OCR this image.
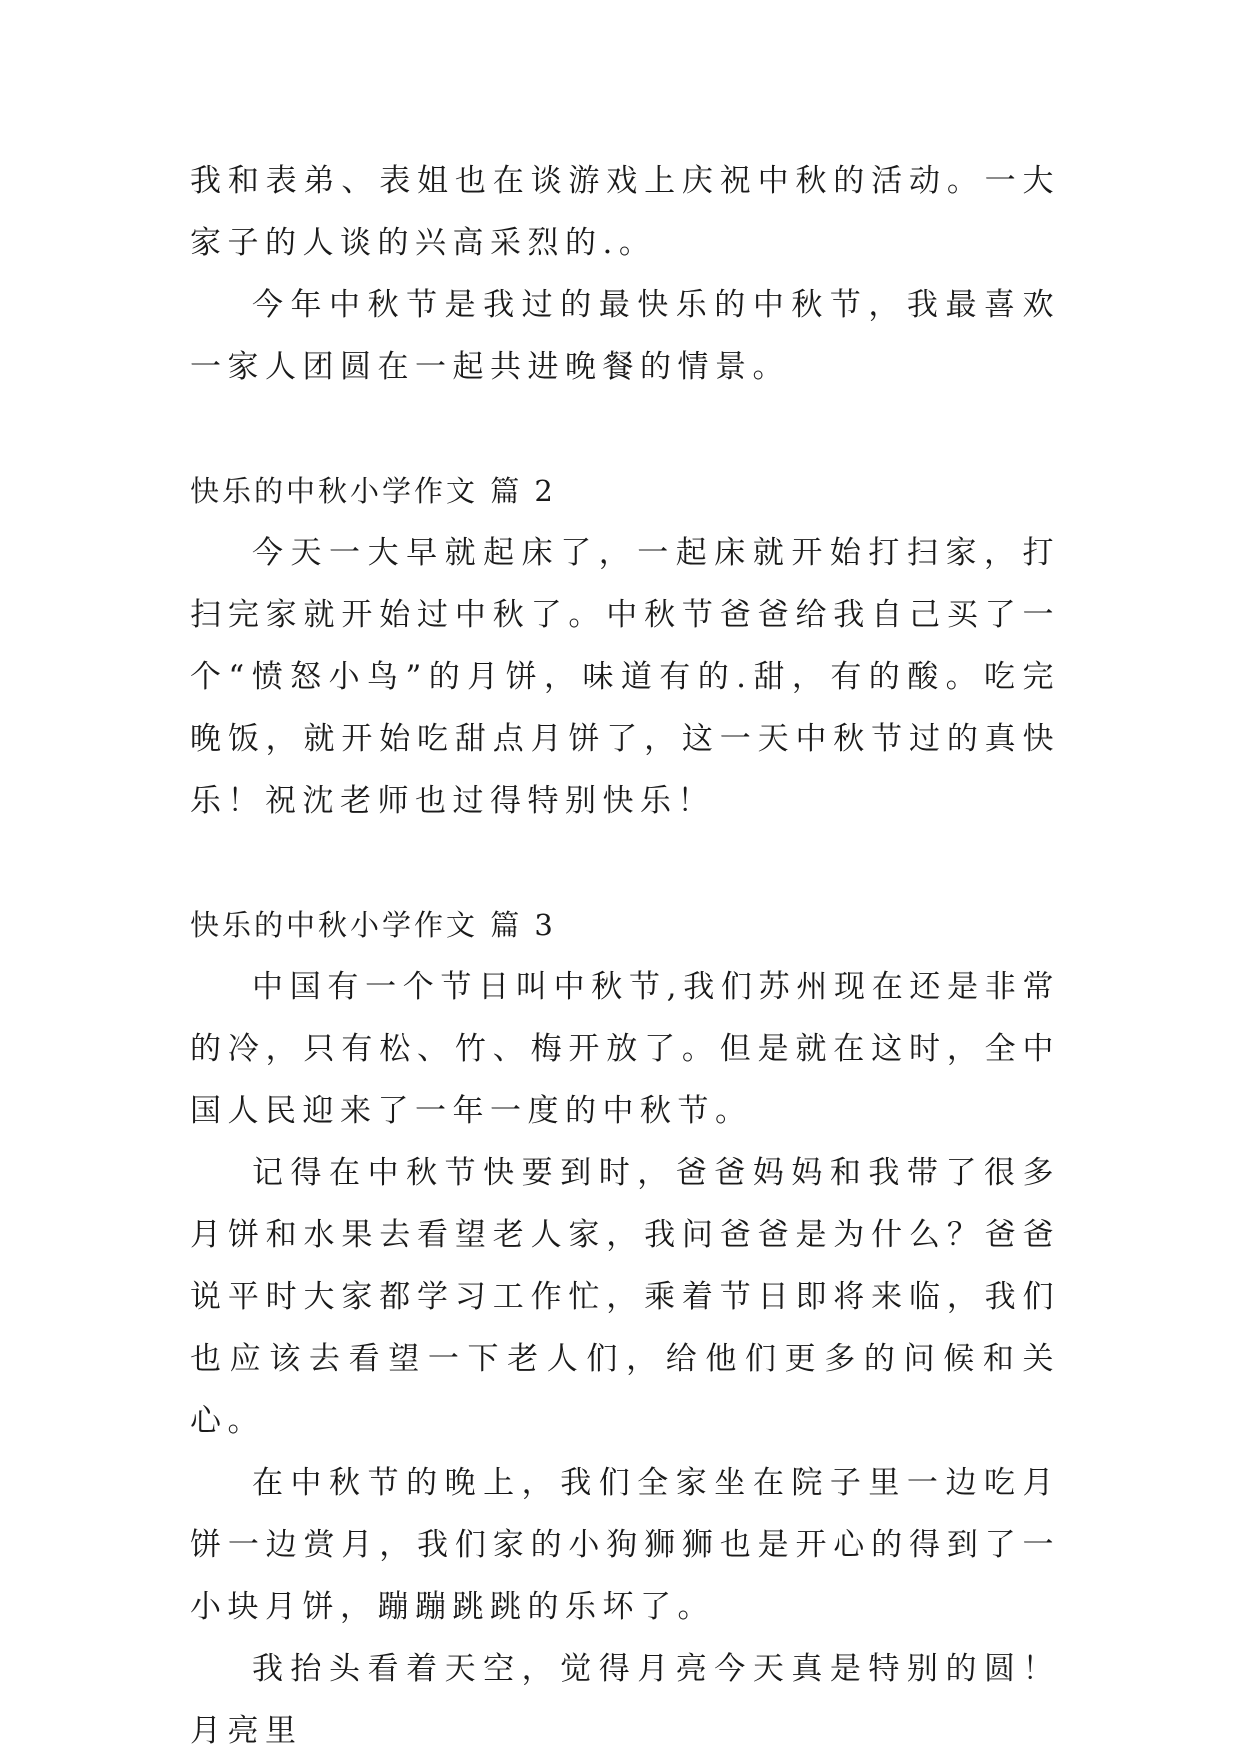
我和表弟、表姐也在谈游戏上庆祝中秋的活动。一大家子的人谈的兴高采烈的.。

今年中秋节是我过的最快乐的中秋节，我最喜欢一家人团圆在一起共进晚餐的情景。

快乐的中秋小学作文 篇 2

今天一大早就起床了，一起床就开始打扫家，打扫完家就开始过中秋了。中秋节爸爸给我自己买了一个“愤怒小鸟”的月饼，味道有的.甜，有的酸。吃完晚饭，就开始吃甜点月饼了，这一天中秋节过的真快乐！祝沈老师也过得特别快乐！

快乐的中秋小学作文 篇 3

中国有一个节日叫中秋节,我们苏州现在还是非常的冷，只有松、竹、梅开放了。但是就在这时，全中国人民迎来了一年一度的中秋节。

记得在中秋节快要到时，爸爸妈妈和我带了很多月饼和水果去看望老人家，我问爸爸是为什么？爸爸说平时大家都学习工作忙，乘着节日即将来临，我们也应该去看望一下老人们，给他们更多的问候和关心。

在中秋节的晚上，我们全家坐在院子里一边吃月饼一边赏月，我们家的小狗狮狮也是开心的得到了一小块月饼，蹦蹦跳跳的乐坏了。

我抬头看着天空，觉得月亮今天真是特别的圆！月亮里
